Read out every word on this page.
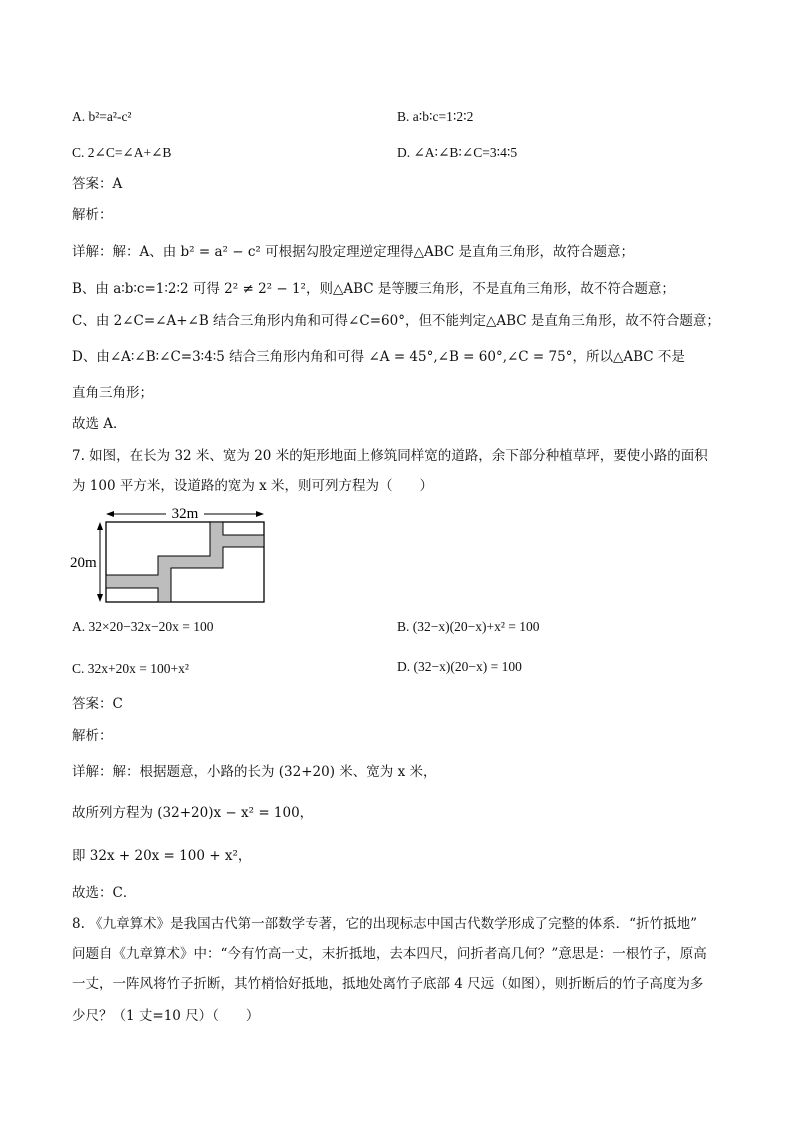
A. b²=a²-c²	B. a∶b∶c=1∶2∶2
C. 2∠C=∠A+∠B	D. ∠A∶∠B∶∠C=3∶4∶5
答案：A
解析：
详解：解：A、由 b² = a² − c² 可根据勾股定理逆定理得△ABC 是直角三角形，故符合题意；
B、由 a∶b∶c=1∶2∶2 可得 2² ≠ 2² − 1²，则△ABC 是等腰三角形，不是直角三角形，故不符合题意；
C、由 2∠C=∠A+∠B 结合三角形内角和可得∠C=60°，但不能判定△ABC 是直角三角形，故不符合题意；
D、由∠A∶∠B∶∠C=3∶4∶5 结合三角形内角和可得 ∠A = 45°,∠B = 60°,∠C = 75°，所以△ABC 不是
直角三角形；
故选 A．
7. 如图，在长为 32 米、宽为 20 米的矩形地面上修筑同样宽的道路，余下部分种植草坪，要使小路的面积
为 100 平方米，设道路的宽为 x 米，则可列方程为（　　）
32m
20m
A. 32×20−32x−20x = 100	B. (32−x)(20−x)+x² = 100
C. 32x+20x = 100+x²	D. (32−x)(20−x) = 100
答案：C
解析：
详解：解：根据题意，小路的长为 (32+20) 米、宽为 x 米，
故所列方程为 (32+20)x − x² = 100，
即 32x + 20x = 100 + x²，
故选：C．
8. 《九章算术》是我国古代第一部数学专著，它的出现标志中国古代数学形成了完整的体系．“折竹抵地”
问题自《九章算术》中：“今有竹高一丈，末折抵地，去本四尺，问折者高几何？”意思是：一根竹子，原高
一丈，一阵风将竹子折断，其竹梢恰好抵地，抵地处离竹子底部 4 尺远（如图），则折断后的竹子高度为多
少尺？（1 丈=10 尺）（　　）
